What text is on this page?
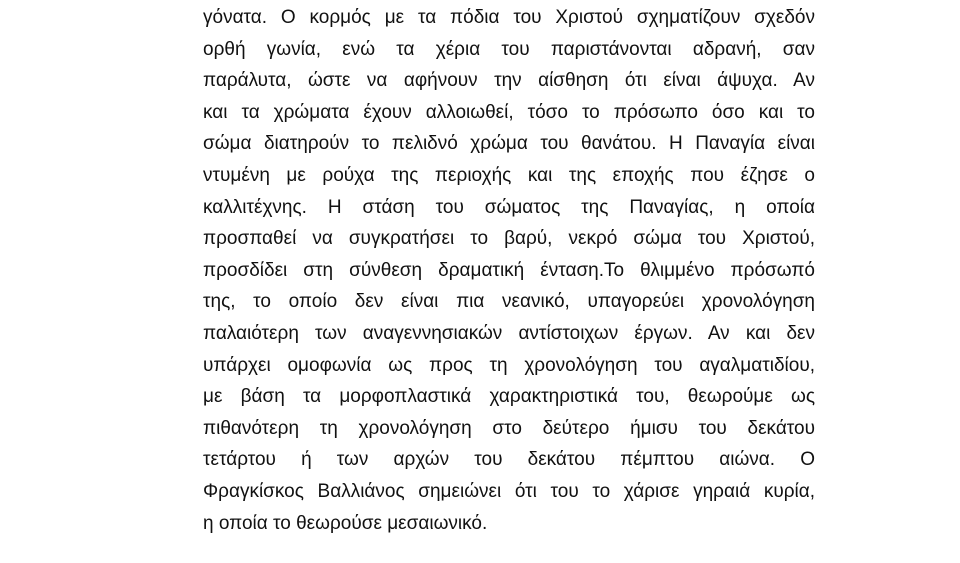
γόνατα. Ο κορμός με τα πόδια του Χριστού σχηματίζουν σχεδόν
ορθή γωνία, ενώ τα χέρια του παριστάνονται αδρανή, σαν
παράλυτα, ώστε να αφήνουν την αίσθηση ότι είναι άψυχα. Αν
και τα χρώματα έχουν αλλοιωθεί, τόσο το πρόσωπο όσο και το
σώμα διατηρούν το πελιδνό χρώμα του θανάτου. Η Παναγία είναι
ντυμένη με ρούχα της περιοχής και της εποχής που έζησε ο
καλλιτέχνης. Η στάση του σώματος της Παναγίας, η οποία
προσπαθεί να συγκρατήσει το βαρύ, νεκρό σώμα του Χριστού,
προσδίδει στη σύνθεση δραματική ένταση.Το θλιμμένο πρόσωπό
της, το οποίο δεν είναι πια νεανικό, υπαγορεύει χρονολόγηση
παλαιότερη των αναγεννησιακών αντίστοιχων έργων. Αν και δεν
υπάρχει ομοφωνία ως προς τη χρονολόγηση του αγαλματιδίου,
με βάση τα μορφοπλαστικά χαρακτηριστικά του, θεωρούμε ως
πιθανότερη τη χρονολόγηση στο δεύτερο ήμισυ του δεκάτου
τετάρτου ή των αρχών του δεκάτου πέμπτου αιώνα. Ο
Φραγκίσκος Βαλλιάνος σημειώνει ότι του το χάρισε γηραιά κυρία,
η οποία το θεωρούσε μεσαιωνικό.
